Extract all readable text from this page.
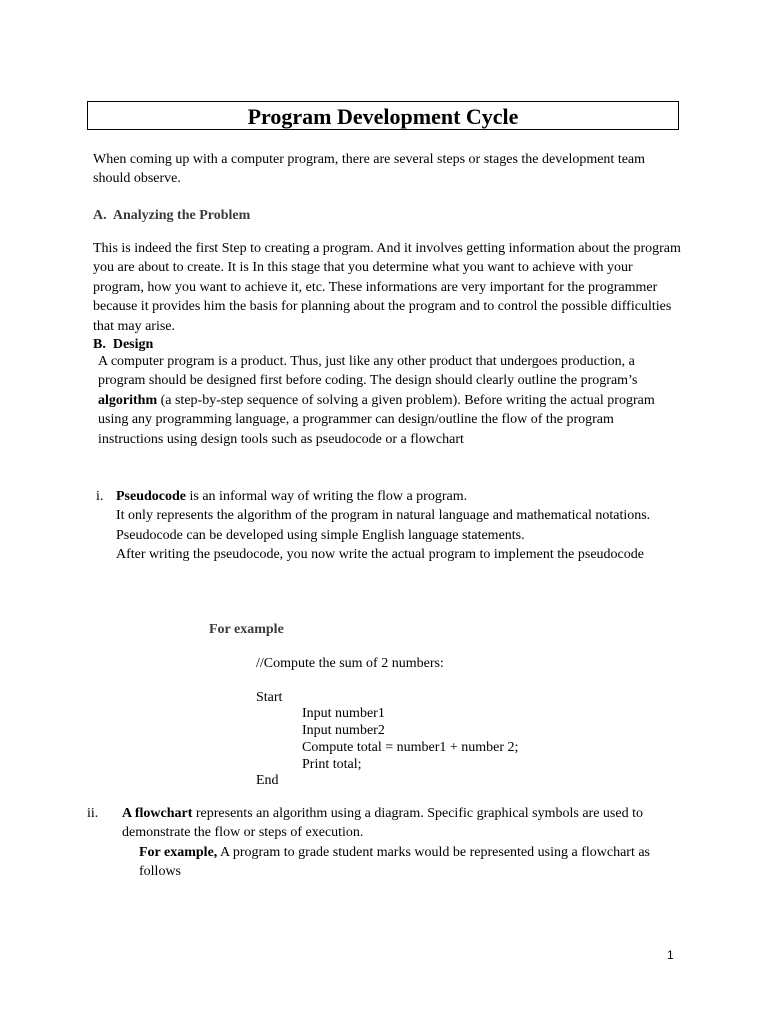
Program Development Cycle

When coming up with a computer program, there are several steps or stages the development team should observe.

A. Analyzing the Problem

This is indeed the first Step to creating a program. And it involves getting information about the program you are about to create. It is In this stage that you determine what you want to achieve with your program, how you want to achieve it, etc. These informations are very important for the programmer because it provides him the basis for planning about the program and to control the possible difficulties that may arise.

B. Design

A computer program is a product. Thus, just like any other product that undergoes production, a program should be designed first before coding. The design should clearly outline the program’s algorithm (a step-by-step sequence of solving a given problem). Before writing the actual program using any programming language, a programmer can design/outline the flow of the program instructions using design tools such as pseudocode or a flowchart

i. Pseudocode is an informal way of writing the flow a program.
It only represents the algorithm of the program in natural language and mathematical notations.
Pseudocode can be developed using simple English language statements.
After writing the pseudocode, you now write the actual program to implement the pseudocode
For example
//Compute the sum of 2 numbers:
Start
Input number1
Input number2
Compute total = number1 + number 2;
Print total;
End
ii. A flowchart represents an algorithm using a diagram. Specific graphical symbols are used to demonstrate the flow or steps of execution.

For example, A program to grade student marks would be represented using a flowchart as follows

1
